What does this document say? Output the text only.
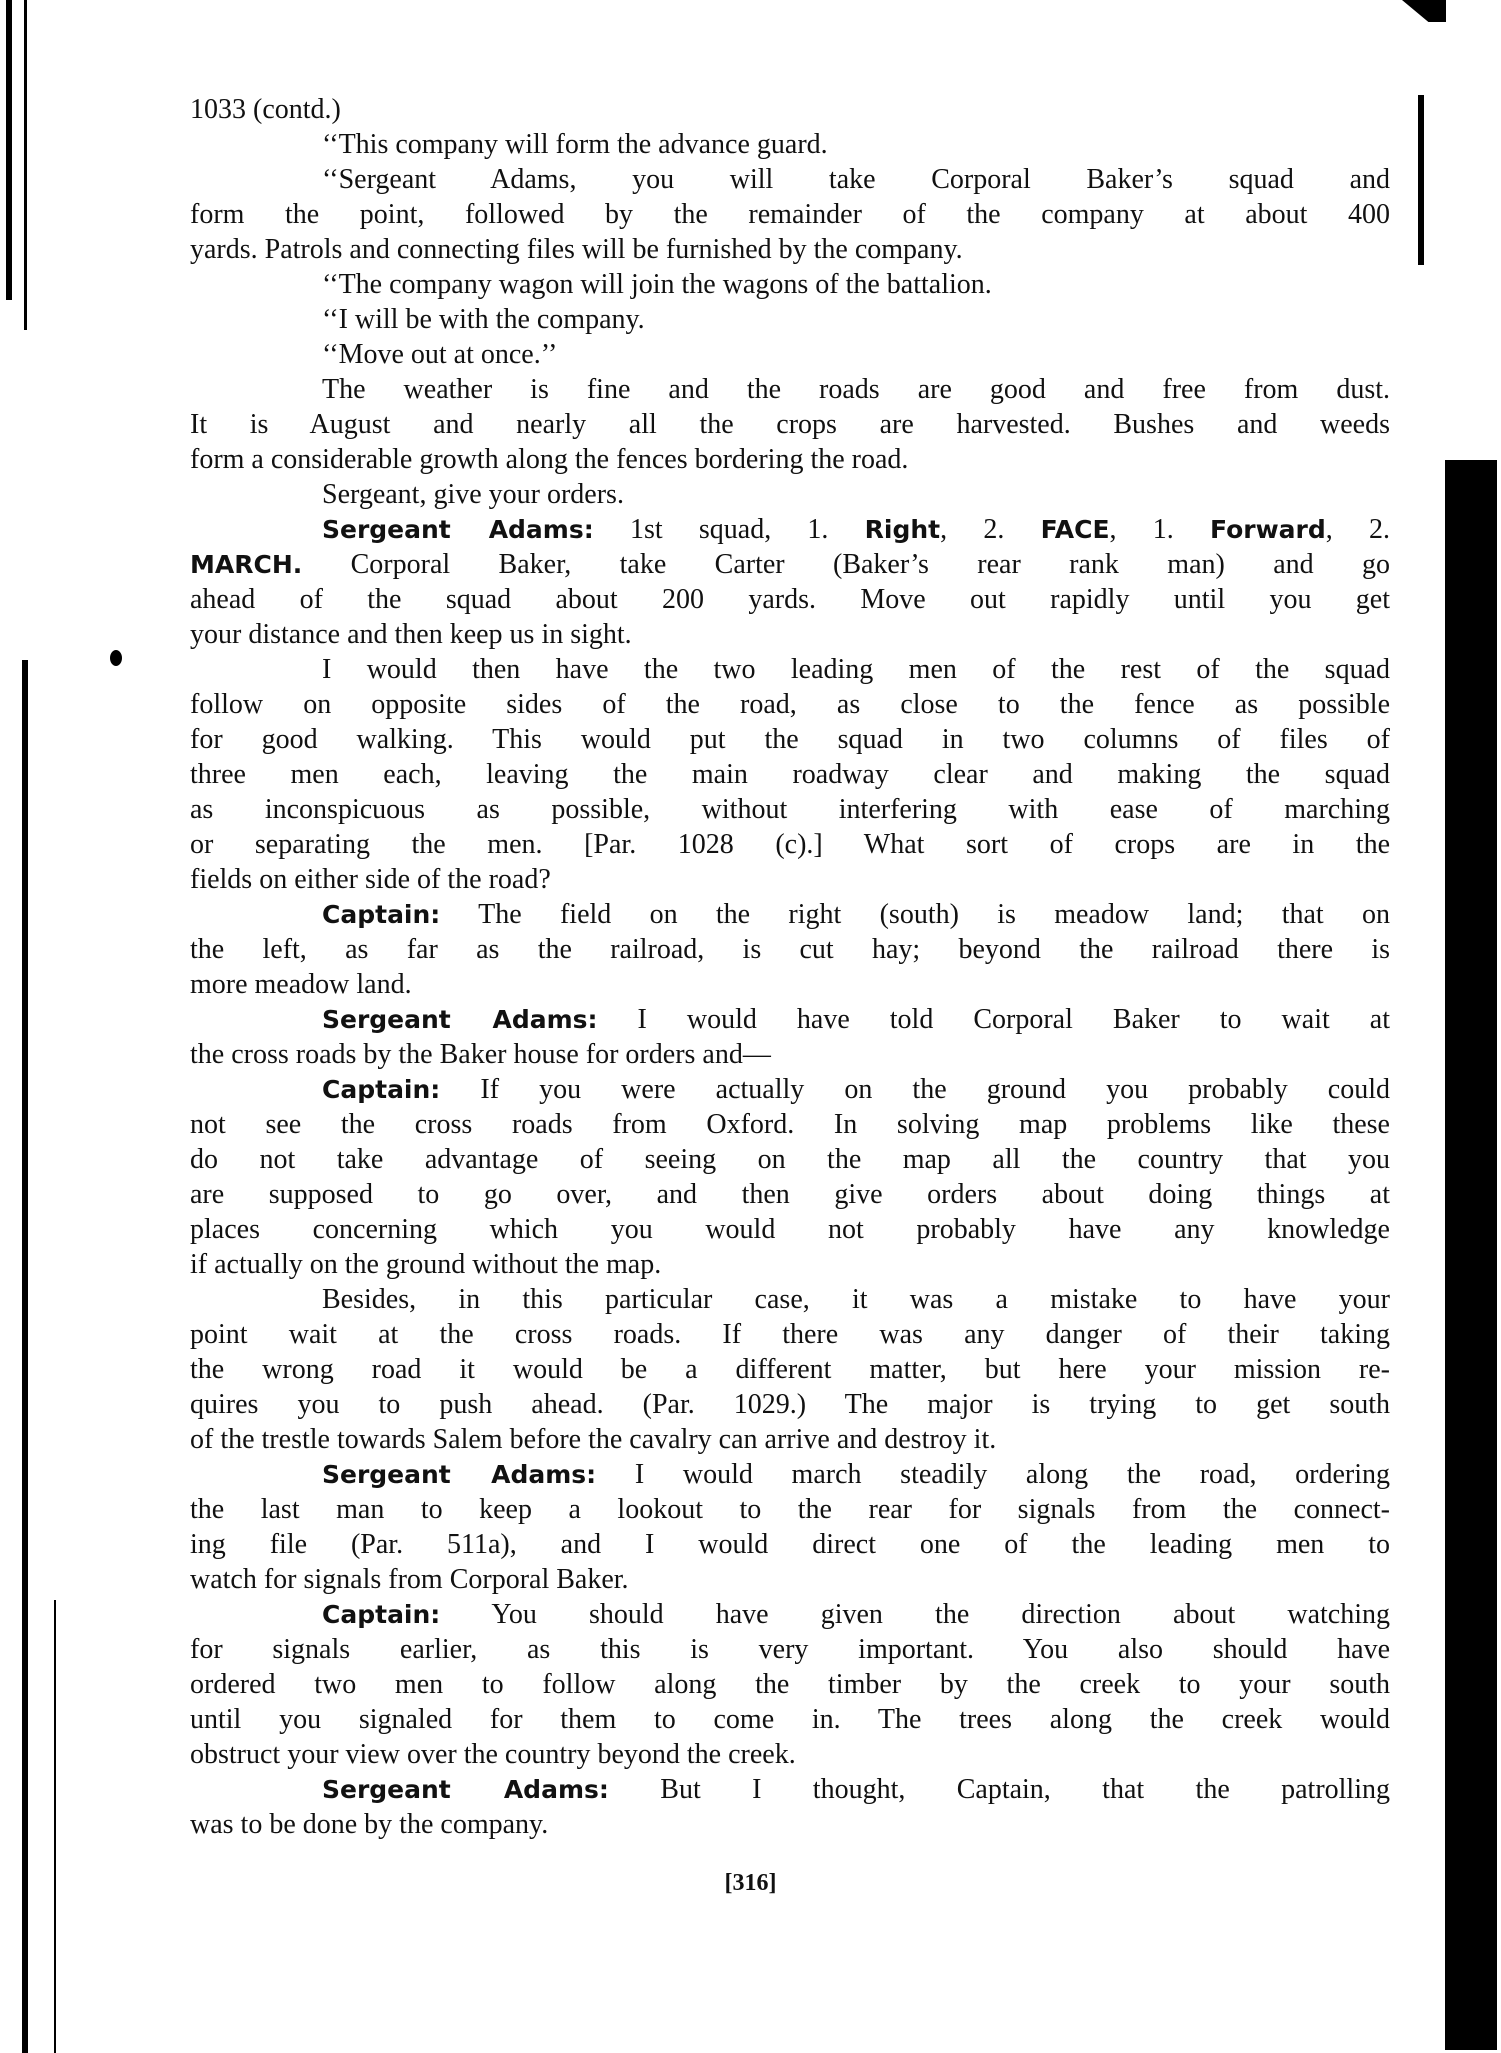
1033 (contd.)
‘‘This company will form the advance guard.
‘‘Sergeant Adams, you will take Corporal Baker’s squad and
form the point, followed by the remainder of the company at about 400
yards. Patrols and connecting files will be furnished by the company.
‘‘The company wagon will join the wagons of the battalion.
‘‘I will be with the company.
‘‘Move out at once.’’
The weather is fine and the roads are good and free from dust.
It is August and nearly all the crops are harvested. Bushes and weeds
form a considerable growth along the fences bordering the road.
Sergeant, give your orders.
Sergeant Adams: 1st squad, 1. Right, 2. FACE, 1. Forward, 2.
MARCH. Corporal Baker, take Carter (Baker’s rear rank man) and go
ahead of the squad about 200 yards. Move out rapidly until you get
your distance and then keep us in sight.
I would then have the two leading men of the rest of the squad
follow on opposite sides of the road, as close to the fence as possible
for good walking. This would put the squad in two columns of files of
three men each, leaving the main roadway clear and making the squad
as inconspicuous as possible, without interfering with ease of marching
or separating the men. [Par. 1028 (c).] What sort of crops are in the
fields on either side of the road?
Captain: The field on the right (south) is meadow land; that on
the left, as far as the railroad, is cut hay; beyond the railroad there is
more meadow land.
Sergeant Adams: I would have told Corporal Baker to wait at
the cross roads by the Baker house for orders and—
Captain: If you were actually on the ground you probably could
not see the cross roads from Oxford. In solving map problems like these
do not take advantage of seeing on the map all the country that you
are supposed to go over, and then give orders about doing things at
places concerning which you would not probably have any knowledge
if actually on the ground without the map.
Besides, in this particular case, it was a mistake to have your
point wait at the cross roads. If there was any danger of their taking
the wrong road it would be a different matter, but here your mission re-
quires you to push ahead. (Par. 1029.) The major is trying to get south
of the trestle towards Salem before the cavalry can arrive and destroy it.
Sergeant Adams: I would march steadily along the road, ordering
the last man to keep a lookout to the rear for signals from the connect-
ing file (Par. 511a), and I would direct one of the leading men to
watch for signals from Corporal Baker.
Captain: You should have given the direction about watching
for signals earlier, as this is very important. You also should have
ordered two men to follow along the timber by the creek to your south
until you signaled for them to come in. The trees along the creek would
obstruct your view over the country beyond the creek.
Sergeant Adams: But I thought, Captain, that the patrolling
was to be done by the company.
[316]
